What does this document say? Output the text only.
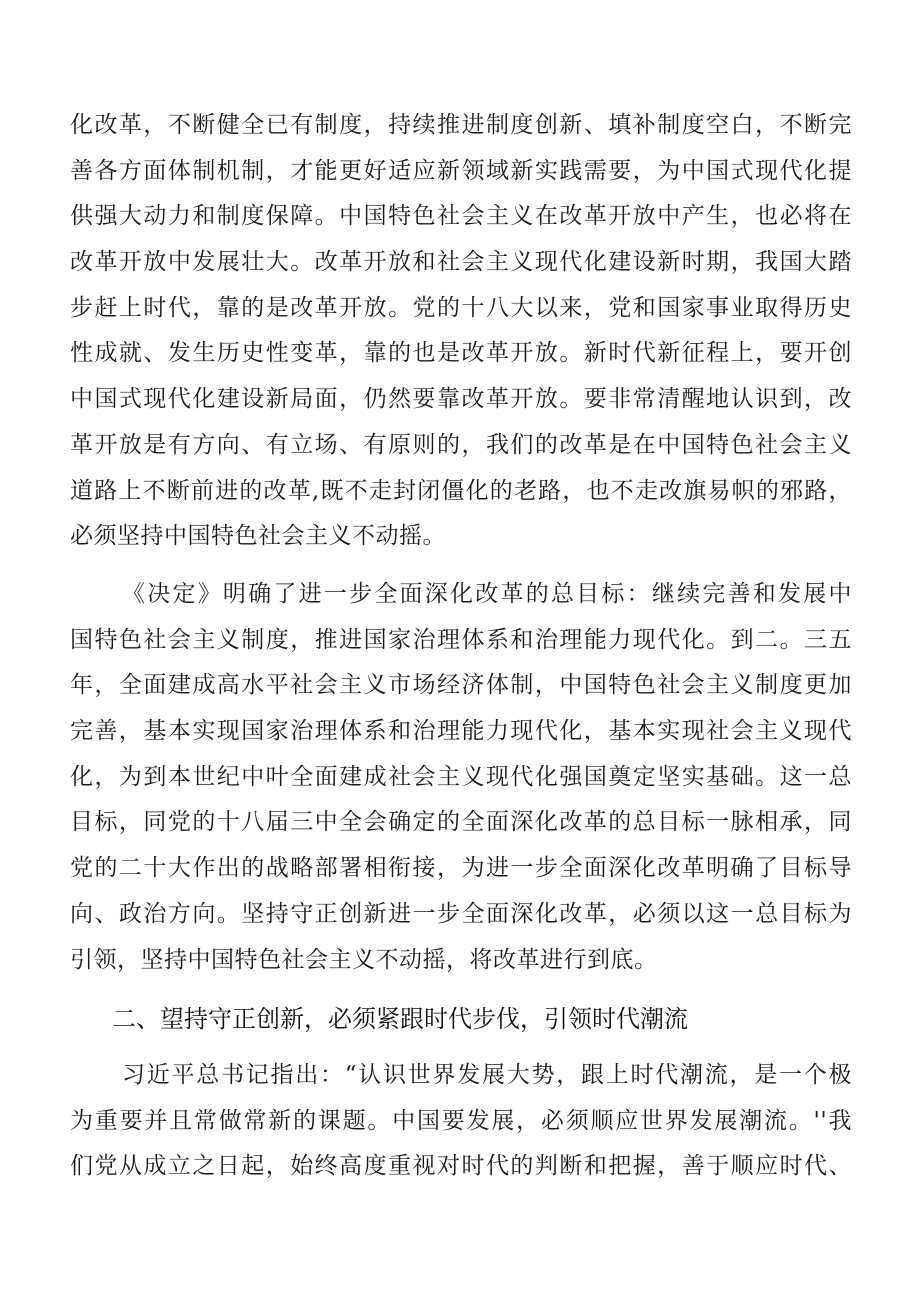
化改革，不断健全已有制度，持续推进制度创新、填补制度空白，不断完
善各方面体制机制，才能更好适应新领域新实践需要，为中国式现代化提
供强大动力和制度保障。中国特色社会主义在改革开放中产生，也必将在
改革开放中发展壮大。改革开放和社会主义现代化建设新时期，我国大踏
步赶上时代，靠的是改革开放。党的十八大以来，党和国家事业取得历史
性成就、发生历史性变革，靠的也是改革开放。新时代新征程上，要开创
中国式现代化建设新局面，仍然要靠改革开放。要非常清醒地认识到，改
革开放是有方向、有立场、有原则的，我们的改革是在中国特色社会主义
道路上不断前进的改革,既不走封闭僵化的老路，也不走改旗易帜的邪路，
必须坚持中国特色社会主义不动摇。
《决定》明确了进一步全面深化改革的总目标：继续完善和发展中
国特色社会主义制度，推进国家治理体系和治理能力现代化。到二。三五
年，全面建成高水平社会主义市场经济体制，中国特色社会主义制度更加
完善，基本实现国家治理体系和治理能力现代化，基本实现社会主义现代
化，为到本世纪中叶全面建成社会主义现代化强国奠定坚实基础。这一总
目标，同党的十八届三中全会确定的全面深化改革的总目标一脉相承，同
党的二十大作出的战略部署相衔接，为进一步全面深化改革明确了目标导
向、政治方向。坚持守正创新进一步全面深化改革，必须以这一总目标为
引领，坚持中国特色社会主义不动摇，将改革进行到底。
二、望持守正创新，必须紧跟时代步伐，引领时代潮流
习近平总书记指出：“认识世界发展大势，跟上时代潮流，是一个极
为重要并且常做常新的课题。中国要发展，必须顺应世界发展潮流。''我
们党从成立之日起，始终高度重视对时代的判断和把握，善于顺应时代、
